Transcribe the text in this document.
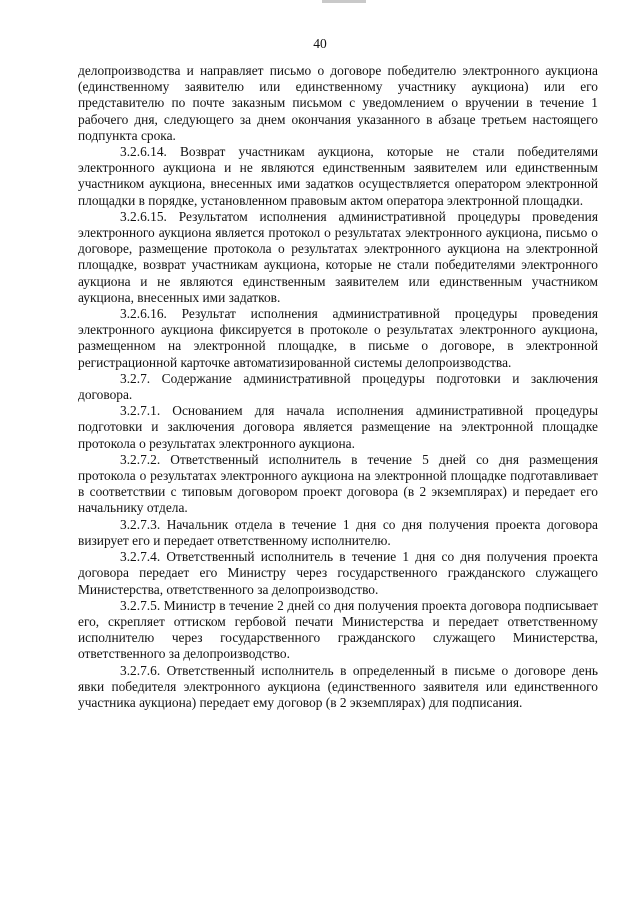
40

делопроизводства и направляет письмо о договоре победителю электронного аукциона (единственному заявителю или единственному участнику аукциона) или его представителю по почте заказным письмом с уведомлением о вручении в течение 1 рабочего дня, следующего за днем окончания указанного в абзаце третьем настоящего подпункта срока.

3.2.6.14. Возврат участникам аукциона, которые не стали победителями электронного аукциона и не являются единственным заявителем или единственным участником аукциона, внесенных ими задатков осуществляется оператором электронной площадки в порядке, установленном правовым актом оператора электронной площадки.

3.2.6.15. Результатом исполнения административной процедуры проведения электронного аукциона является протокол о результатах электронного аукциона, письмо о договоре, размещение протокола о результатах электронного аукциона на электронной площадке, возврат участникам аукциона, которые не стали победителями электронного аукциона и не являются единственным заявителем или единственным участником аукциона, внесенных ими задатков.

3.2.6.16. Результат исполнения административной процедуры проведения электронного аукциона фиксируется в протоколе о результатах электронного аукциона, размещенном на электронной площадке, в письме о договоре, в электронной регистрационной карточке автоматизированной системы делопроизводства.

3.2.7. Содержание административной процедуры подготовки и заключения договора.

3.2.7.1. Основанием для начала исполнения административной процедуры подготовки и заключения договора является размещение на электронной площадке протокола о результатах электронного аукциона.

3.2.7.2. Ответственный исполнитель в течение 5 дней со дня размещения протокола о результатах электронного аукциона на электронной площадке подготавливает в соответствии с типовым договором проект договора (в 2 экземплярах) и передает его начальнику отдела.

3.2.7.3. Начальник отдела в течение 1 дня со дня получения проекта договора визирует его и передает ответственному исполнителю.

3.2.7.4. Ответственный исполнитель в течение 1 дня со дня получения проекта договора передает его Министру через государственного гражданского служащего Министерства, ответственного за делопроизводство.

3.2.7.5. Министр в течение 2 дней со дня получения проекта договора подписывает его, скрепляет оттиском гербовой печати Министерства и передает ответственному исполнителю через государственного гражданского служащего Министерства, ответственного за делопроизводство.

3.2.7.6. Ответственный исполнитель в определенный в письме о договоре день явки победителя электронного аукциона (единственного заявителя или единственного участника аукциона) передает ему договор (в 2 экземплярах) для подписания.
